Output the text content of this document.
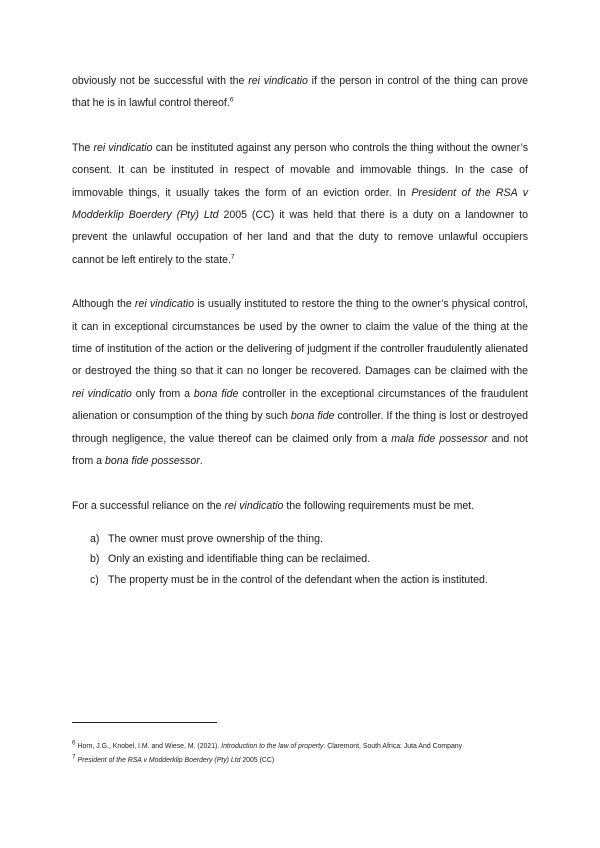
obviously not be successful with the rei vindicatio if the person in control of the thing can prove that he is in lawful control thereof.$^6$

The rei vindicatio can be instituted against any person who controls the thing without the owner’s consent. It can be instituted in respect of movable and immovable things. In the case of immovable things, it usually takes the form of an eviction order. In President of the RSA v Modderklip Boerdery (Pty) Ltd 2005 (CC) it was held that there is a duty on a landowner to prevent the unlawful occupation of her land and that the duty to remove unlawful occupiers cannot be left entirely to the state.$^7$

Although the rei vindicatio is usually instituted to restore the thing to the owner’s physical control, it can in exceptional circumstances be used by the owner to claim the value of the thing at the time of institution of the action or the delivering of judgment if the controller fraudulently alienated or destroyed the thing so that it can no longer be recovered. Damages can be claimed with the rei vindicatio only from a bona fide controller in the exceptional circumstances of the fraudulent alienation or consumption of the thing by such bona fide controller. If the thing is lost or destroyed through negligence, the value thereof can be claimed only from a mala fide possessor and not from a bona fide possessor.

For a successful reliance on the rei vindicatio the following requirements must be met.

a) The owner must prove ownership of the thing.
b) Only an existing and identifiable thing can be reclaimed.
c) The property must be in the control of the defendant when the action is instituted.

$^6$ Horn, J.G., Knobel, I.M. and Wiese, M. (2021). Introduction to the law of property. Claremont, South Africa: Juta And Company

$^7$ President of the RSA v Modderklip Boerdery (Pty) Ltd 2005 (CC)
